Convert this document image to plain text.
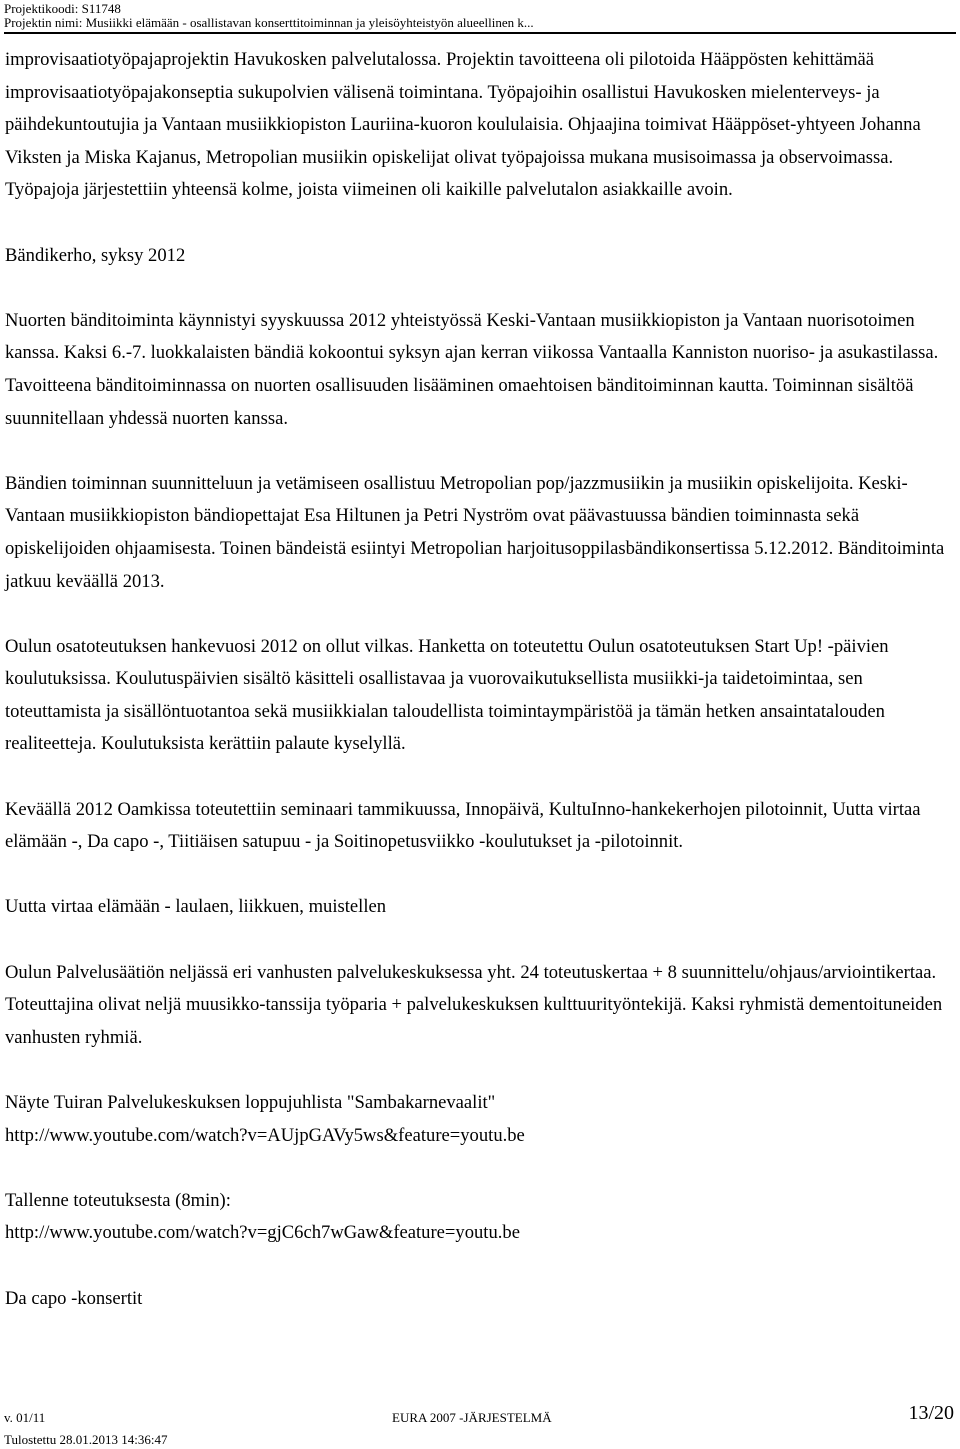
Projektikoodi: S11748
Projektin nimi: Musiikki elämään - osallistavan konserttitoiminnan ja yleisöyhteistyön alueellinen k...

improvisaatiotyöpajaprojektin Havukosken palvelutalossa. Projektin tavoitteena oli pilotoida Hääppösten kehittämää improvisaatiotyöpajakonseptia sukupolvien välisenä toimintana. Työpajoihin osallistui Havukosken mielenterveys- ja päihdekuntoutujia ja Vantaan musiikkiopiston Lauriina-kuoron koululaisia. Ohjaajina toimivat Hääppöset-yhtyeen Johanna Viksten ja Miska Kajanus, Metropolian musiikin opiskelijat olivat työpajoissa mukana musisoimassa ja observoimassa. Työpajoja järjestettiin yhteensä kolme, joista viimeinen oli kaikille palvelutalon asiakkaille avoin.

Bändikerho, syksy 2012

Nuorten bänditoiminta käynnistyi syyskuussa 2012 yhteistyössä Keski-Vantaan musiikkiopiston ja Vantaan nuorisotoimen kanssa. Kaksi 6.-7. luokkalaisten bändiä kokoontui syksyn ajan kerran viikossa Vantaalla Kanniston nuoriso- ja asukastilassa. Tavoitteena bänditoiminnassa on nuorten osallisuuden lisääminen omaehtoisen bänditoiminnan kautta. Toiminnan sisältöä suunnitellaan yhdessä nuorten kanssa.

Bändien toiminnan suunnitteluun ja vetämiseen osallistuu Metropolian pop/jazzmusiikin ja musiikin opiskelijoita. Keski-Vantaan musiikkiopiston bändiopettajat Esa Hiltunen ja Petri Nyström ovat päävastuussa bändien toiminnasta sekä opiskelijoiden ohjaamisesta. Toinen bändeistä esiintyi Metropolian harjoitusoppilasbändikonsertissa 5.12.2012. Bänditoiminta jatkuu keväällä 2013.

Oulun osatoteutuksen hankevuosi 2012 on ollut vilkas. Hanketta on toteutettu Oulun osatoteutuksen Start Up! -päivien koulutuksissa. Koulutuspäivien sisältö käsitteli osallistavaa ja vuorovaikutuksellista musiikki-ja taidetoimintaa, sen toteuttamista ja sisällöntuotantoa sekä musiikkialan taloudellista toimintaympäristöä ja tämän hetken ansaintatalouden realiteetteja. Koulutuksista kerättiin palaute kyselyllä.

Keväällä 2012 Oamkissa toteutettiin seminaari tammikuussa, Innopäivä, KultuInno-hankekerhojen pilotoinnit, Uutta virtaa elämään -, Da capo -, Tiitiäisen satupuu - ja Soitinopetusviikko -koulutukset ja -pilotoinnit.

Uutta virtaa elämään - laulaen, liikkuen, muistellen

Oulun Palvelusäätiön neljässä eri vanhusten palvelukeskuksessa yht. 24 toteutuskertaa + 8 suunnittelu/ohjaus/arviointikertaa. Toteuttajina olivat neljä muusikko-tanssija työparia + palvelukeskuksen kulttuurityöntekijä. Kaksi ryhmistä dementoituneiden vanhusten ryhmiä.

Näyte Tuiran Palvelukeskuksen loppujuhlista "Sambakarnevaalit"
http://www.youtube.com/watch?v=AUjpGAVy5ws&feature=youtu.be

Tallenne toteutuksesta (8min):
http://www.youtube.com/watch?v=gjC6ch7wGaw&feature=youtu.be

Da capo -konsertit

v. 01/11	EURA 2007 -JÄRJESTELMÄ	13/20
Tulostettu 28.01.2013 14:36:47
